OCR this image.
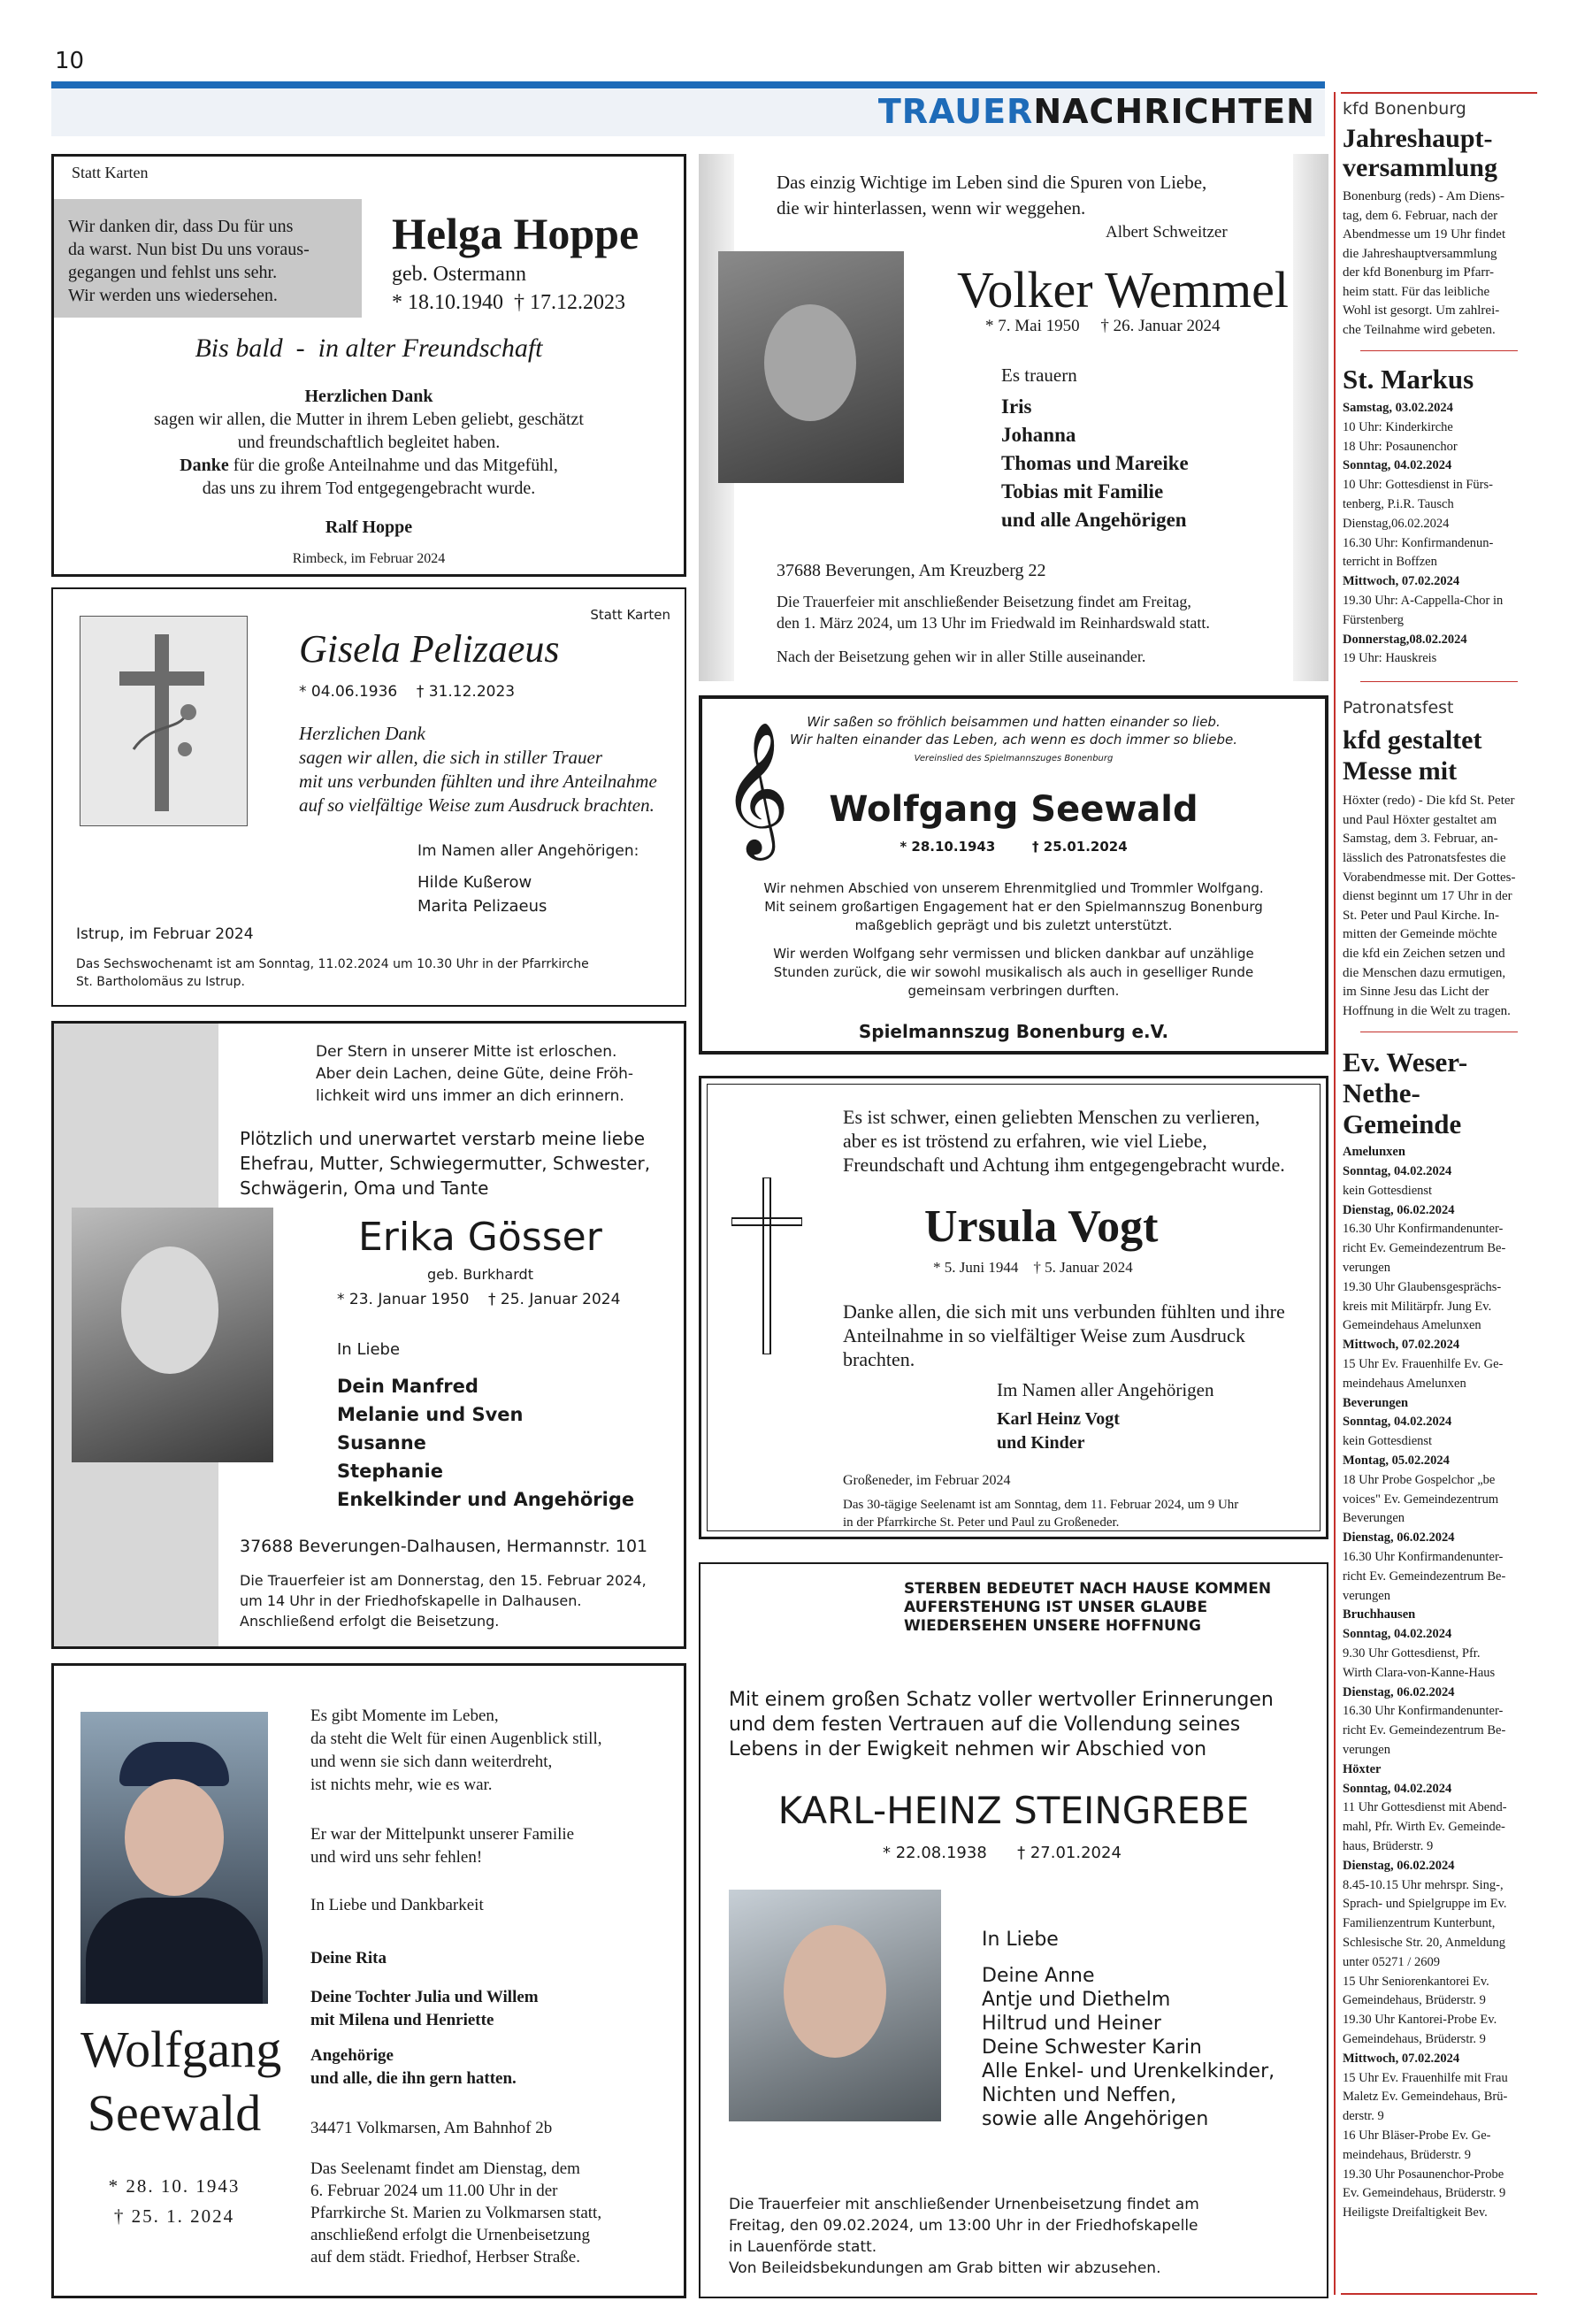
10
TRAUERNACHRICHTEN
Statt Karten
Wir danken dir, dass Du für uns
da warst. Nun bist Du uns voraus-
gegangen und fehlst uns sehr.
Wir werden uns wiedersehen.
Helga Hoppe
geb. Ostermann
* 18.10.1940  † 17.12.2023
Bis bald  -  in alter Freundschaft
Herzlichen Dank
sagen wir allen, die Mutter in ihrem Leben geliebt, geschätzt
und freundschaftlich begleitet haben.
Danke für die große Anteilnahme und das Mitgefühl,
das uns zu ihrem Tod entgegengebracht wurde.
Ralf Hoppe
Rimbeck, im Februar 2024
Das einzig Wichtige im Leben sind die Spuren von Liebe,
die wir hinterlassen, wenn wir weggehen.
Albert Schweitzer
Volker Wemmel
* 7. Mai 1950     † 26. Januar 2024
Es trauern
Iris
Johanna
Thomas und Mareike
Tobias mit Familie
und alle Angehörigen
37688 Beverungen, Am Kreuzberg 22
Die Trauerfeier mit anschließender Beisetzung findet am Freitag,
den 1. März 2024, um 13 Uhr im Friedwald im Reinhardswald statt.
Nach der Beisetzung gehen wir in aller Stille auseinander.
Statt Karten
Gisela Pelizaeus
* 04.06.1936    † 31.12.2023
Herzlichen Dank
sagen wir allen, die sich in stiller Trauer
mit uns verbunden fühlten und ihre Anteilnahme
auf so vielfältige Weise zum Ausdruck brachten.
Im Namen aller Angehörigen:
Hilde Kußerow
Marita Pelizaeus
Istrup, im Februar 2024
Das Sechswochenamt ist am Sonntag, 11.02.2024 um 10.30 Uhr in der Pfarrkirche
St. Bartholomäus zu Istrup.
Wir saßen so fröhlich beisammen und hatten einander so lieb.
Wir halten einander das Leben, ach wenn es doch immer so bliebe.
Vereinslied des Spielmannszuges Bonenburg
𝄞	Wolfgang Seewald
* 28.10.1943        † 25.01.2024
Wir nehmen Abschied von unserem Ehrenmitglied und Trommler Wolfgang.
Mit seinem großartigen Engagement hat er den Spielmannszug Bonenburg
maßgeblich geprägt und bis zuletzt unterstützt.
Wir werden Wolfgang sehr vermissen und blicken dankbar auf unzählige
Stunden zurück, die wir sowohl musikalisch als auch in geselliger Runde
gemeinsam verbringen durften.
Spielmannszug Bonenburg e.V.
Der Stern in unserer Mitte ist erloschen.
Aber dein Lachen, deine Güte, deine Fröh-
lichkeit wird uns immer an dich erinnern.
Plötzlich und unerwartet verstarb meine liebe
Ehefrau, Mutter, Schwiegermutter, Schwester,
Schwägerin, Oma und Tante
Erika Gösser
geb. Burkhardt
* 23. Januar 1950    † 25. Januar 2024
In Liebe
Dein Manfred
Melanie und Sven
Susanne
Stephanie
Enkelkinder und Angehörige
37688 Beverungen-Dalhausen, Hermannstr. 101
Die Trauerfeier ist am Donnerstag, den 15. Februar 2024,
um 14 Uhr in der Friedhofskapelle in Dalhausen.
Anschließend erfolgt die Beisetzung.
Es ist schwer, einen geliebten Menschen zu verlieren,
aber es ist tröstend zu erfahren, wie viel Liebe,
Freundschaft und Achtung ihm entgegengebracht wurde.
Ursula Vogt
* 5. Juni 1944    † 5. Januar 2024
Danke allen, die sich mit uns verbunden fühlten und ihre
Anteilnahme in so vielfältiger Weise zum Ausdruck
brachten.
Im Namen aller Angehörigen
Karl Heinz Vogt
und Kinder
Großeneder, im Februar 2024
Das 30-tägige Seelenamt ist am Sonntag, dem 11. Februar 2024, um 9 Uhr
in der Pfarrkirche St. Peter und Paul zu Großeneder.
Wolfgang
Seewald
* 28. 10. 1943
† 25. 1. 2024
Es gibt Momente im Leben,
da steht die Welt für einen Augenblick still,
und wenn sie sich dann weiterdreht,
ist nichts mehr, wie es war.
Er war der Mittelpunkt unserer Familie
und wird uns sehr fehlen!
In Liebe und Dankbarkeit
Deine Rita
Deine Tochter Julia und Willem
mit Milena und Henriette
Angehörige
und alle, die ihn gern hatten.
34471 Volkmarsen, Am Bahnhof 2b
Das Seelenamt findet am Dienstag, dem
6. Februar 2024 um 11.00 Uhr in der
Pfarrkirche St. Marien zu Volkmarsen statt,
anschließend erfolgt die Urnenbeisetzung
auf dem städt. Friedhof, Herbser Straße.
STERBEN BEDEUTET NACH HAUSE KOMMEN
AUFERSTEHUNG IST UNSER GLAUBE
WIEDERSEHEN UNSERE HOFFNUNG
Mit einem großen Schatz voller wertvoller Erinnerungen
und dem festen Vertrauen auf die Vollendung seines
Lebens in der Ewigkeit nehmen wir Abschied von
KARL-HEINZ STEINGREBE
* 22.08.1938      † 27.01.2024
In Liebe
Deine Anne
Antje und Diethelm
Hiltrud und Heiner
Deine Schwester Karin
Alle Enkel- und Urenkelkinder,
Nichten und Neffen,
sowie alle Angehörigen
Die Trauerfeier mit anschließender Urnenbeisetzung findet am
Freitag, den 09.02.2024, um 13:00 Uhr in der Friedhofskapelle
in Lauenförde statt.
Von Beileidsbekundungen am Grab bitten wir abzusehen.
kfd Bonenburg
Jahreshaupt-
versammlung
Bonenburg (reds) - Am Diens-
tag, dem 6. Februar, nach der
Abendmesse um 19 Uhr findet
die Jahreshauptversammlung
der kfd Bonenburg im Pfarr-
heim statt. Für das leibliche
Wohl ist gesorgt. Um zahlrei-
che Teilnahme wird gebeten.
St. Markus
Samstag, 03.02.2024
10 Uhr: Kinderkirche
18 Uhr: Posaunenchor
Sonntag, 04.02.2024
10 Uhr: Gottesdienst in Fürs-
tenberg, P.i.R. Tausch
Dienstag,06.02.2024
16.30 Uhr: Konfirmandenun-
terricht in Boffzen
Mittwoch, 07.02.2024
19.30 Uhr: A-Cappella-Chor in
Fürstenberg
Donnerstag,08.02.2024
19 Uhr: Hauskreis
Patronatsfest
kfd gestaltet
Messe mit
Höxter (redo) - Die kfd St. Peter
und Paul Höxter gestaltet am
Samstag, dem 3. Februar, an-
lässlich des Patronatsfestes die
Vorabendmesse mit. Der Gottes-
dienst beginnt um 17 Uhr in der
St. Peter und Paul Kirche. In-
mitten der Gemeinde möchte
die kfd ein Zeichen setzen und
die Menschen dazu ermutigen,
im Sinne Jesu das Licht der
Hoffnung in die Welt zu tragen.
Ev. Weser-
Nethe-
Gemeinde
Amelunxen
Sonntag, 04.02.2024
kein Gottesdienst
Dienstag, 06.02.2024
16.30 Uhr Konfirmandenunter-
richt Ev. Gemeindezentrum Be-
verungen
19.30 Uhr Glaubensgesprächs-
kreis mit Militärpfr. Jung Ev.
Gemeindehaus Amelunxen
Mittwoch, 07.02.2024
15 Uhr Ev. Frauenhilfe Ev. Ge-
meindehaus Amelunxen
Beverungen
Sonntag, 04.02.2024
kein Gottesdienst
Montag, 05.02.2024
18 Uhr Probe Gospelchor „be
voices" Ev. Gemeindezentrum
Beverungen
Dienstag, 06.02.2024
16.30 Uhr Konfirmandenunter-
richt Ev. Gemeindezentrum Be-
verungen
Bruchhausen
Sonntag, 04.02.2024
9.30 Uhr Gottesdienst, Pfr.
Wirth Clara-von-Kanne-Haus
Dienstag, 06.02.2024
16.30 Uhr Konfirmandenunter-
richt Ev. Gemeindezentrum Be-
verungen
Höxter
Sonntag, 04.02.2024
11 Uhr Gottesdienst mit Abend-
mahl, Pfr. Wirth Ev. Gemeinde-
haus, Brüderstr. 9
Dienstag, 06.02.2024
8.45-10.15 Uhr mehrspr. Sing-,
Sprach- und Spielgruppe im Ev.
Familienzentrum Kunterbunt,
Schlesische Str. 20, Anmeldung
unter 05271 / 2609
15 Uhr Seniorenkantorei Ev.
Gemeindehaus, Brüderstr. 9
19.30 Uhr Kantorei-Probe Ev.
Gemeindehaus, Brüderstr. 9
Mittwoch, 07.02.2024
15 Uhr Ev. Frauenhilfe mit Frau
Maletz Ev. Gemeindehaus, Brü-
derstr. 9
16 Uhr Bläser-Probe Ev. Ge-
meindehaus, Brüderstr. 9
19.30 Uhr Posaunenchor-Probe
Ev. Gemeindehaus, Brüderstr. 9
Heiligste Dreifaltigkeit Bev.
